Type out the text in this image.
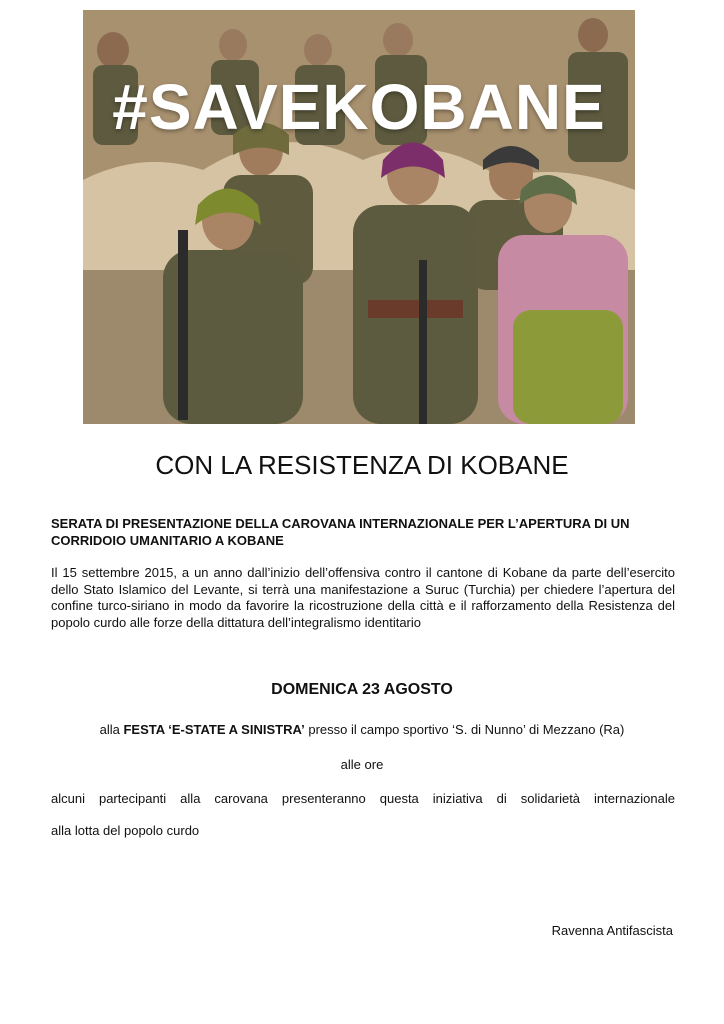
#SAVEKOBANE
CON LA RESISTENZA DI KOBANE

SERATA DI PRESENTAZIONE DELLA CAROVANA INTERNAZIONALE PER L’APERTURA DI UN CORRIDOIO UMANITARIO A KOBANE

Il 15 settembre 2015, a un anno dall’inizio dell’offensiva contro il cantone di Kobane da parte dell’esercito dello Stato Islamico del Levante, si terrà una manifestazione a Suruc (Turchia) per chiedere l’apertura del confine turco-siriano in modo da favorire la ricostruzione della città e il rafforzamento della Resistenza del popolo curdo alle forze della dittatura dell’integralismo identitario

DOMENICA 23 AGOSTO

alla FESTA ‘E-STATE A SINISTRA’ presso il campo sportivo ‘S. di Nunno’ di Mezzano (Ra)

alle ore

alcuni partecipanti alla carovana presenteranno questa iniziativa di solidarietà internazionale

alla lotta del popolo curdo

Ravenna Antifascista
